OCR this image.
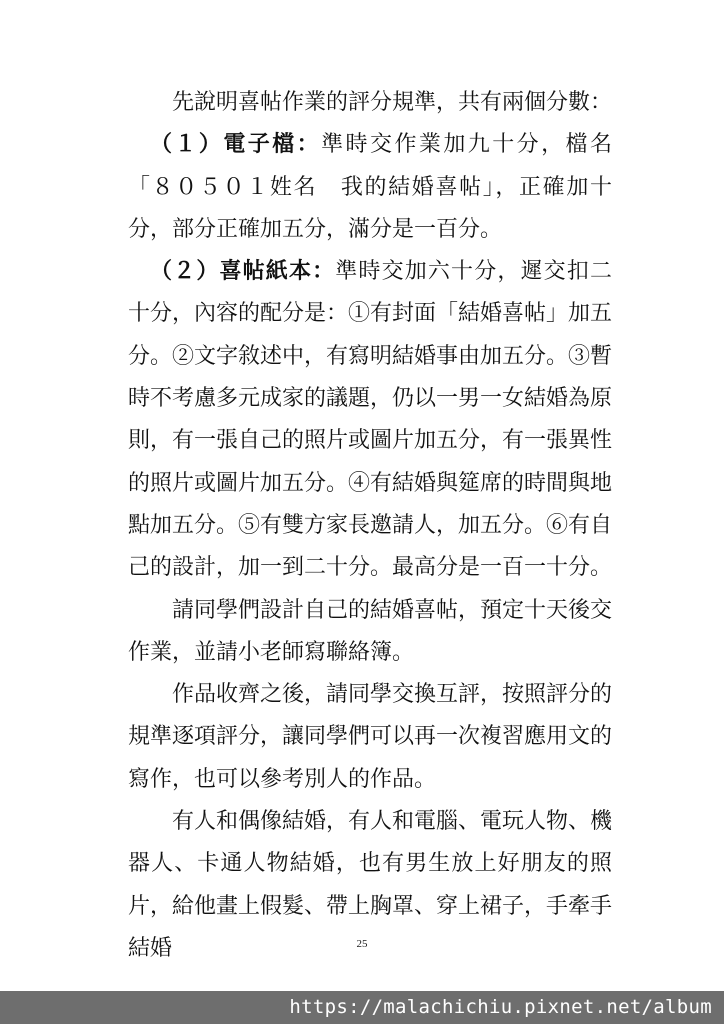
先說明喜帖作業的評分規準，共有兩個分數：

（１）電子檔：準時交作業加九十分，檔名「８０５０１姓名　我的結婚喜帖」，正確加十分，部分正確加五分，滿分是一百分。

（２）喜帖紙本：準時交加六十分，遲交扣二十分，內容的配分是：①有封面「結婚喜帖」加五分。②文字敘述中，有寫明結婚事由加五分。③暫時不考慮多元成家的議題，仍以一男一女結婚為原則，有一張自己的照片或圖片加五分，有一張異性的照片或圖片加五分。④有結婚與筵席的時間與地點加五分。⑤有雙方家長邀請人，加五分。⑥有自己的設計，加一到二十分。最高分是一百一十分。

請同學們設計自己的結婚喜帖，預定十天後交作業，並請小老師寫聯絡簿。

作品收齊之後，請同學交換互評，按照評分的規準逐項評分，讓同學們可以再一次複習應用文的寫作，也可以參考別人的作品。

有人和偶像結婚，有人和電腦、電玩人物、機器人、卡通人物結婚，也有男生放上好朋友的照片，給他畫上假髮、帶上胸罩、穿上裙子，手牽手結婚	25
https://malachichiu.pixnet.net/album
